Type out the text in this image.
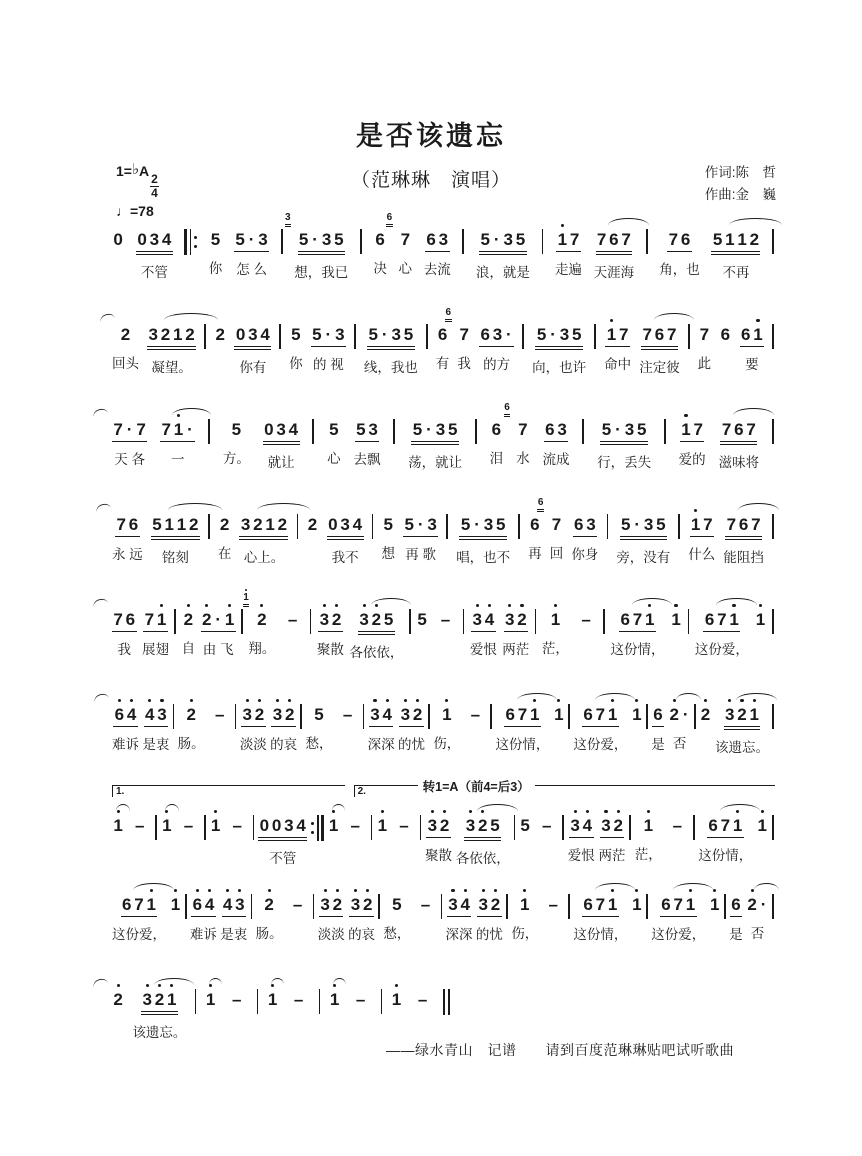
是否该遗忘
（范琳琳　演唱）
1=♭A
$\frac{2}{4}$
♩=78
作词:陈　哲
作曲:金　巍
0
0 3 4
不管
5
你
5 · 3
怎 么
3
5 · 3 5
想，我已
6
决
6
7
心
6 3
去流
5 · 3 5
浪，就是
1 7
走遍
7 6 7
天涯海
7 6
角，也
5 1 1 2
不再
2
回头
3 2 1 2
凝望。
2
0 3 4
你有
5
你
5 · 3
的 视
5 · 3 5
线，我也
6
有
6
7
我
6 3 ·
的方
5 · 3 5
向，也许
1 7
命中
7 6 7
注定彼
7
此
6
6 1
要
7 · 7
天 各
7 1 ·
一
5
方。
0 3 4
就让
5
心
5 3
去飘
5 · 3 5
荡，就让
6
泪
6
7
水
6 3
流成
5 · 3 5
行，丢失
1 7
爱的
7 6 7
滋味将
7 6
永 远
5 1 1 2
铭刻
2
在
3 2 1 2
心上。
2
0 3 4
我不
5
想
5 · 3
再 歌
5 · 3 5
唱，也不
6
再
6
7
回
6 3
你身
5 · 3 5
旁，没有
1 7
什么
7 6 7
能阻挡
7 6
我
7 1
展翅
2
自
2 · 1
由 飞
1
2
翔。
–
	3 2
聚散
3 2 5
各依依，
5
–
	3 4
爱恨
3 2
两茫
1
茫，
–
	6 7 1
这份情，
1
6 7 1
这份爱，
1

6 4
难诉
4 3
是衷
2
肠。
–
	3 2
淡淡
3 2
的哀
5
愁，
–
	3 4
深深
3 2
的忧
1
伤，
–
	6 7 1
这份情，
1
6 7 1
这份爱，
1
6
是
2 ·
否
2
3 2 1
该遗忘。
1.	2.	转1=A（前4=后3）
1
–
	1
–
	1
–
	0 0 3 4
不管
1
–
	1
–
	3 2
聚散
3 2 5
各依依，
5
–
	3 4
爱恨
3 2
两茫
1
茫，
–
	6 7 1
这份情，
1

6 7 1
这份爱，
1
6 4
难诉
4 3
是衷
2
肠。
–
	3 2
淡淡
3 2
的哀
5
愁，
–
	3 4
深深
3 2
的忧
1
伤，
–
	6 7 1
这份情，
1
6 7 1
这份爱，
1
6
是
2 ·
否
2
3 2 1
该遗忘。
1
–
	1
–
	1
–
	1
–

——绿水青山　记谱　　请到百度范琳琳贴吧试听歌曲
